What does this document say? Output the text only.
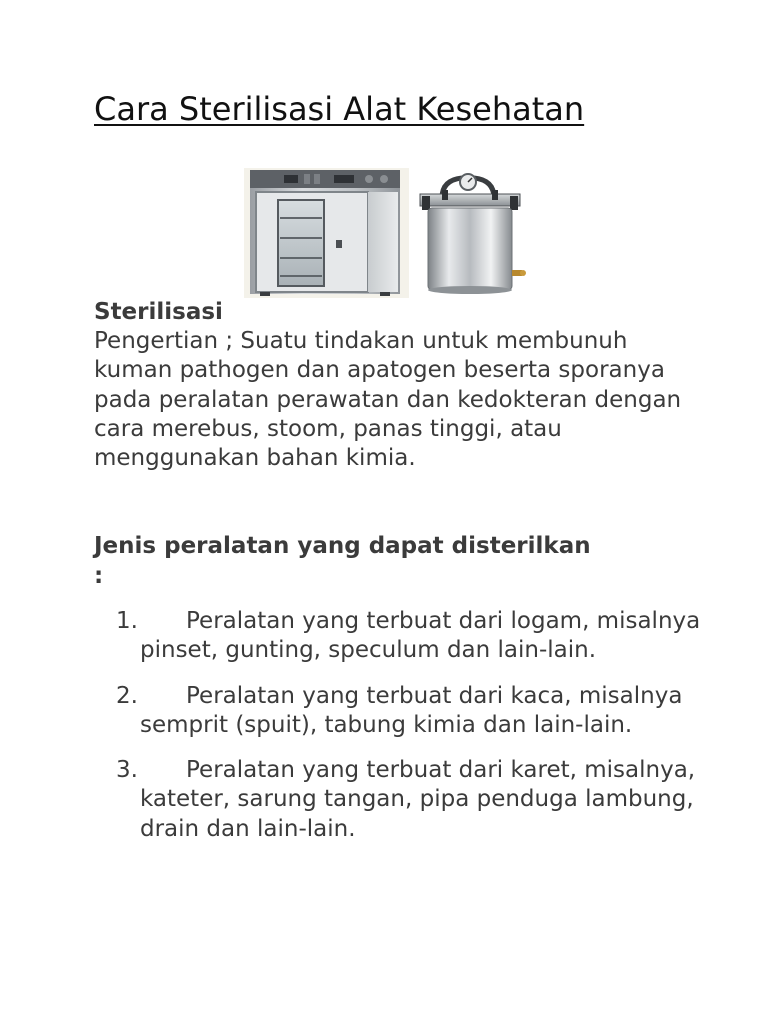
Cara Sterilisasi Alat Kesehatan
Sterilisasi

Pengertian ; Suatu tindakan untuk membunuh kuman pathogen dan apatogen beserta sporanya pada peralatan perawatan dan kedokteran dengan cara merebus, stoom, panas tinggi, atau menggunakan bahan kimia.

Jenis peralatan yang dapat disterilkan :
1.	Peralatan yang terbuat dari logam, misalnya pinset, gunting, speculum dan lain-lain.
2.	Peralatan yang terbuat dari kaca, misalnya semprit (spuit), tabung kimia dan lain-lain.
3.	Peralatan yang terbuat dari karet, misalnya, kateter, sarung tangan, pipa penduga lambung, drain dan lain-lain.
